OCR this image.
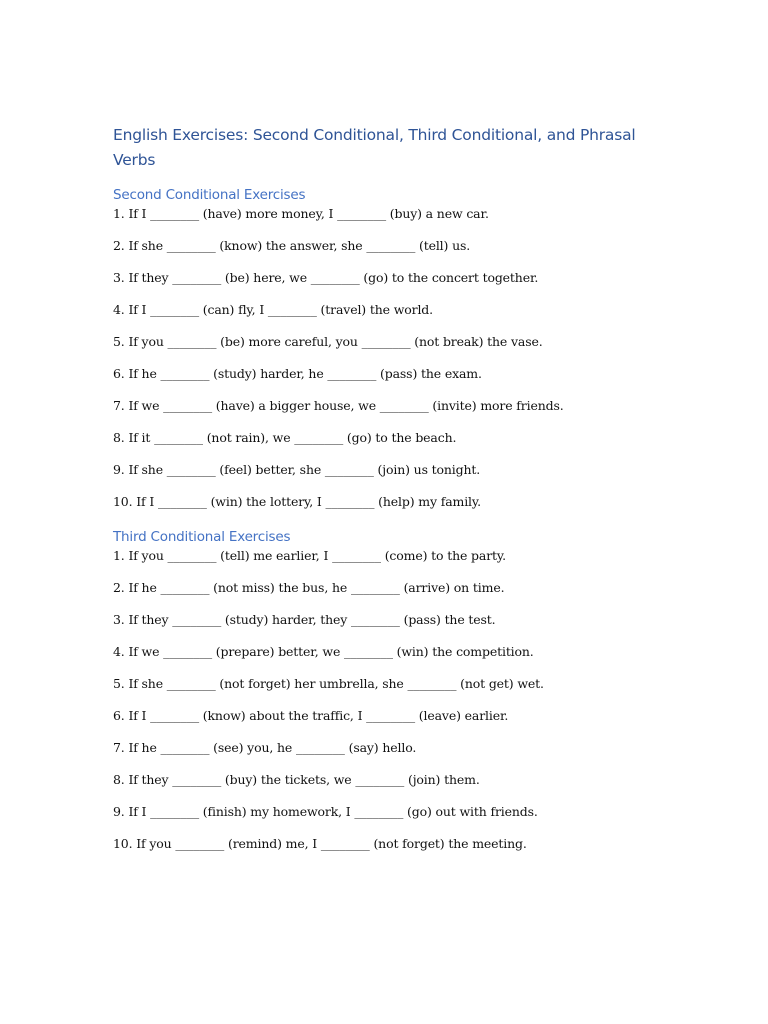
English Exercises: Second Conditional, Third Conditional, and Phrasal Verbs
Second Conditional Exercises
1. If I ________ (have) more money, I ________ (buy) a new car.
2. If she ________ (know) the answer, she ________ (tell) us.
3. If they ________ (be) here, we ________ (go) to the concert together.
4. If I ________ (can) fly, I ________ (travel) the world.
5. If you ________ (be) more careful, you ________ (not break) the vase.
6. If he ________ (study) harder, he ________ (pass) the exam.
7. If we ________ (have) a bigger house, we ________ (invite) more friends.
8. If it ________ (not rain), we ________ (go) to the beach.
9. If she ________ (feel) better, she ________ (join) us tonight.
10. If I ________ (win) the lottery, I ________ (help) my family.
Third Conditional Exercises
1. If you ________ (tell) me earlier, I ________ (come) to the party.
2. If he ________ (not miss) the bus, he ________ (arrive) on time.
3. If they ________ (study) harder, they ________ (pass) the test.
4. If we ________ (prepare) better, we ________ (win) the competition.
5. If she ________ (not forget) her umbrella, she ________ (not get) wet.
6. If I ________ (know) about the traffic, I ________ (leave) earlier.
7. If he ________ (see) you, he ________ (say) hello.
8. If they ________ (buy) the tickets, we ________ (join) them.
9. If I ________ (finish) my homework, I ________ (go) out with friends.
10. If you ________ (remind) me, I ________ (not forget) the meeting.
